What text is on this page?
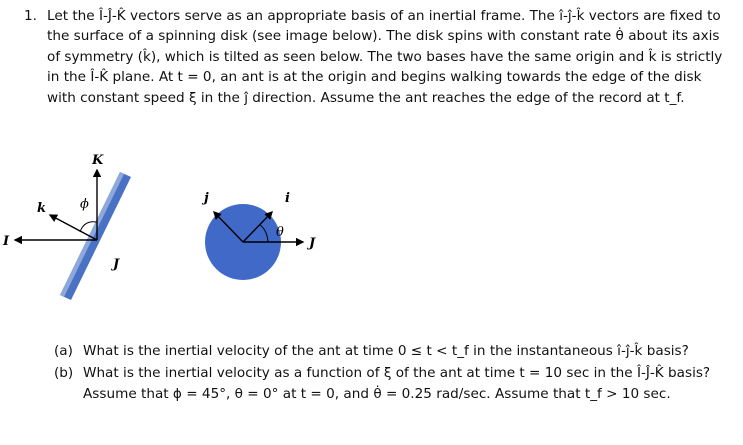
1. Let the Î-Ĵ-K̂ vectors serve as an appropriate basis of an inertial frame. The î-ĵ-k̂ vectors are fixed to the surface of a spinning disk (see image below). The disk spins with constant rate θ̇ about its axis of symmetry (k̂), which is tilted as seen below. The two bases have the same origin and k̂ is strictly in the Î-K̂ plane. At t = 0, an ant is at the origin and begins walking towards the edge of the disk with constant speed ξ in the ĵ direction. Assume the ant reaches the edge of the record at t_f.
K
k	ϕ
I
J
j	i
θ
J
(a) What is the inertial velocity of the ant at time 0 ≤ t < t_f in the instantaneous î-ĵ-k̂ basis?
(b) What is the inertial velocity as a function of ξ of the ant at time t = 10 sec in the Î-Ĵ-K̂ basis? Assume that ϕ = 45°, θ = 0° at t = 0, and θ̇ = 0.25 rad/sec. Assume that t_f > 10 sec.
